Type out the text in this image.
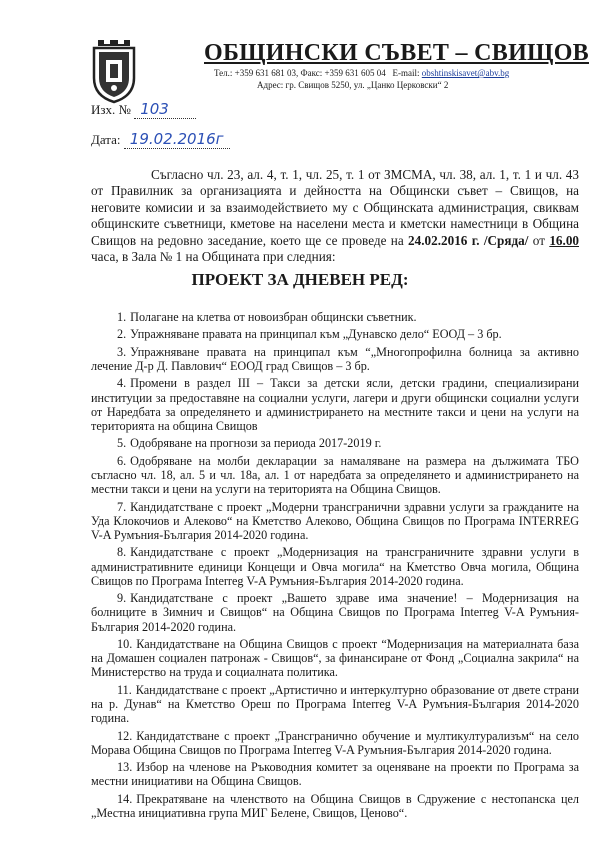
ОБЩИНСКИ СЪВЕТ – СВИЩОВ
Тел.: +359 631 681 03, Факс: +359 631 605 04 E-mail: obshtinskisavet@abv.bg
Адрес: гр. Свищов 5250, ул. „Цанко Церковски“ 2
Изх. № 103
Дата: 19.02.2016г

Съгласно чл. 23, ал. 4, т. 1, чл. 25, т. 1 от ЗМСМА, чл. 38, ал. 1, т. 1 и чл. 43 от Правилник за организацията и дейността на Общински съвет – Свищов, на неговите комисии и за взаимодействието му с Общинската администрация, свиквам общинските съветници, кметове на населени места и кметски наместници в Община Свищов на редовно заседание, което ще се проведе на 24.02.2016 г. /Сряда/ от 16.00 часа, в Зала № 1 на Общината при следния:

ПРОЕКТ ЗА ДНЕВЕН РЕД:
1. Полагане на клетва от новоизбран общински съветник.
2. Упражняване правата на принципал към „Дунавско дело“ ЕООД – 3 бр.
3. Упражняване правата на принципал към “„Многопрофилна болница за активно лечение Д-р Д. Павлович“ ЕООД град Свищов – 3 бр.
4. Промени в раздел III – Такси за детски ясли, детски градини, специализирани институции за предоставяне на социални услуги, лагери и други общински социални услуги от Наредбата за определянето и администрирането на местните такси и цени на услуги на територията на община Свищов
5. Одобряване на прогнози за периода 2017-2019 г.
6. Одобряване на молби декларации за намаляване на размера на дължимата ТБО съгласно чл. 18, ал. 5 и чл. 18а, ал. 1 от наредбата за определянето и администрирането на местни такси и цени на услуги на територията на Община Свищов.
7. Кандидатстване с проект „Модерни трансгранични здравни услуги за гражданите на Уда Клокочиов и Алеково“ на Кметство Алеково, Община Свищов по Програма INTERREG V-A Румъния-България 2014-2020 година.
8. Кандидатстване с проект „Модернизация на трансграничните здравни услуги в административните единици Концещи и Овча могила“ на Кметство Овча могила, Община Свищов по Програма Interreg V-A Румъния-България 2014-2020 година.
9. Кандидатстване с проект „Вашето здраве има значение! – Модернизация на болниците в Зимнич и Свищов“ на Община Свищов по Програма Interreg V-A Румъния-България 2014-2020 година.
10. Кандидатстване на Община Свищов с проект “Модернизация на материалната база на Домашен социален патронаж - Свищов“, за финансиране от Фонд „Социална закрила“ на Министерство на труда и социалната политика.
11. Кандидатстване с проект „Артистично и интеркултурно образование от двете страни на р. Дунав“ на Кметство Ореш по Програма Interreg V-A Румъния-България 2014-2020 година.
12. Кандидатстване с проект „Трансгранично обучение и мултикултурализъм“ на село Морава Община Свищов по Програма Interreg V-A Румъния-България 2014-2020 година.
13. Избор на членове на Ръководния комитет за оценяване на проекти по Програма за местни инициативи на Община Свищов.
14. Прекратяване на членството на Община Свищов в Сдружение с нестопанска цел „Местна инициативна група МИГ Белене, Свищов, Ценово“.
